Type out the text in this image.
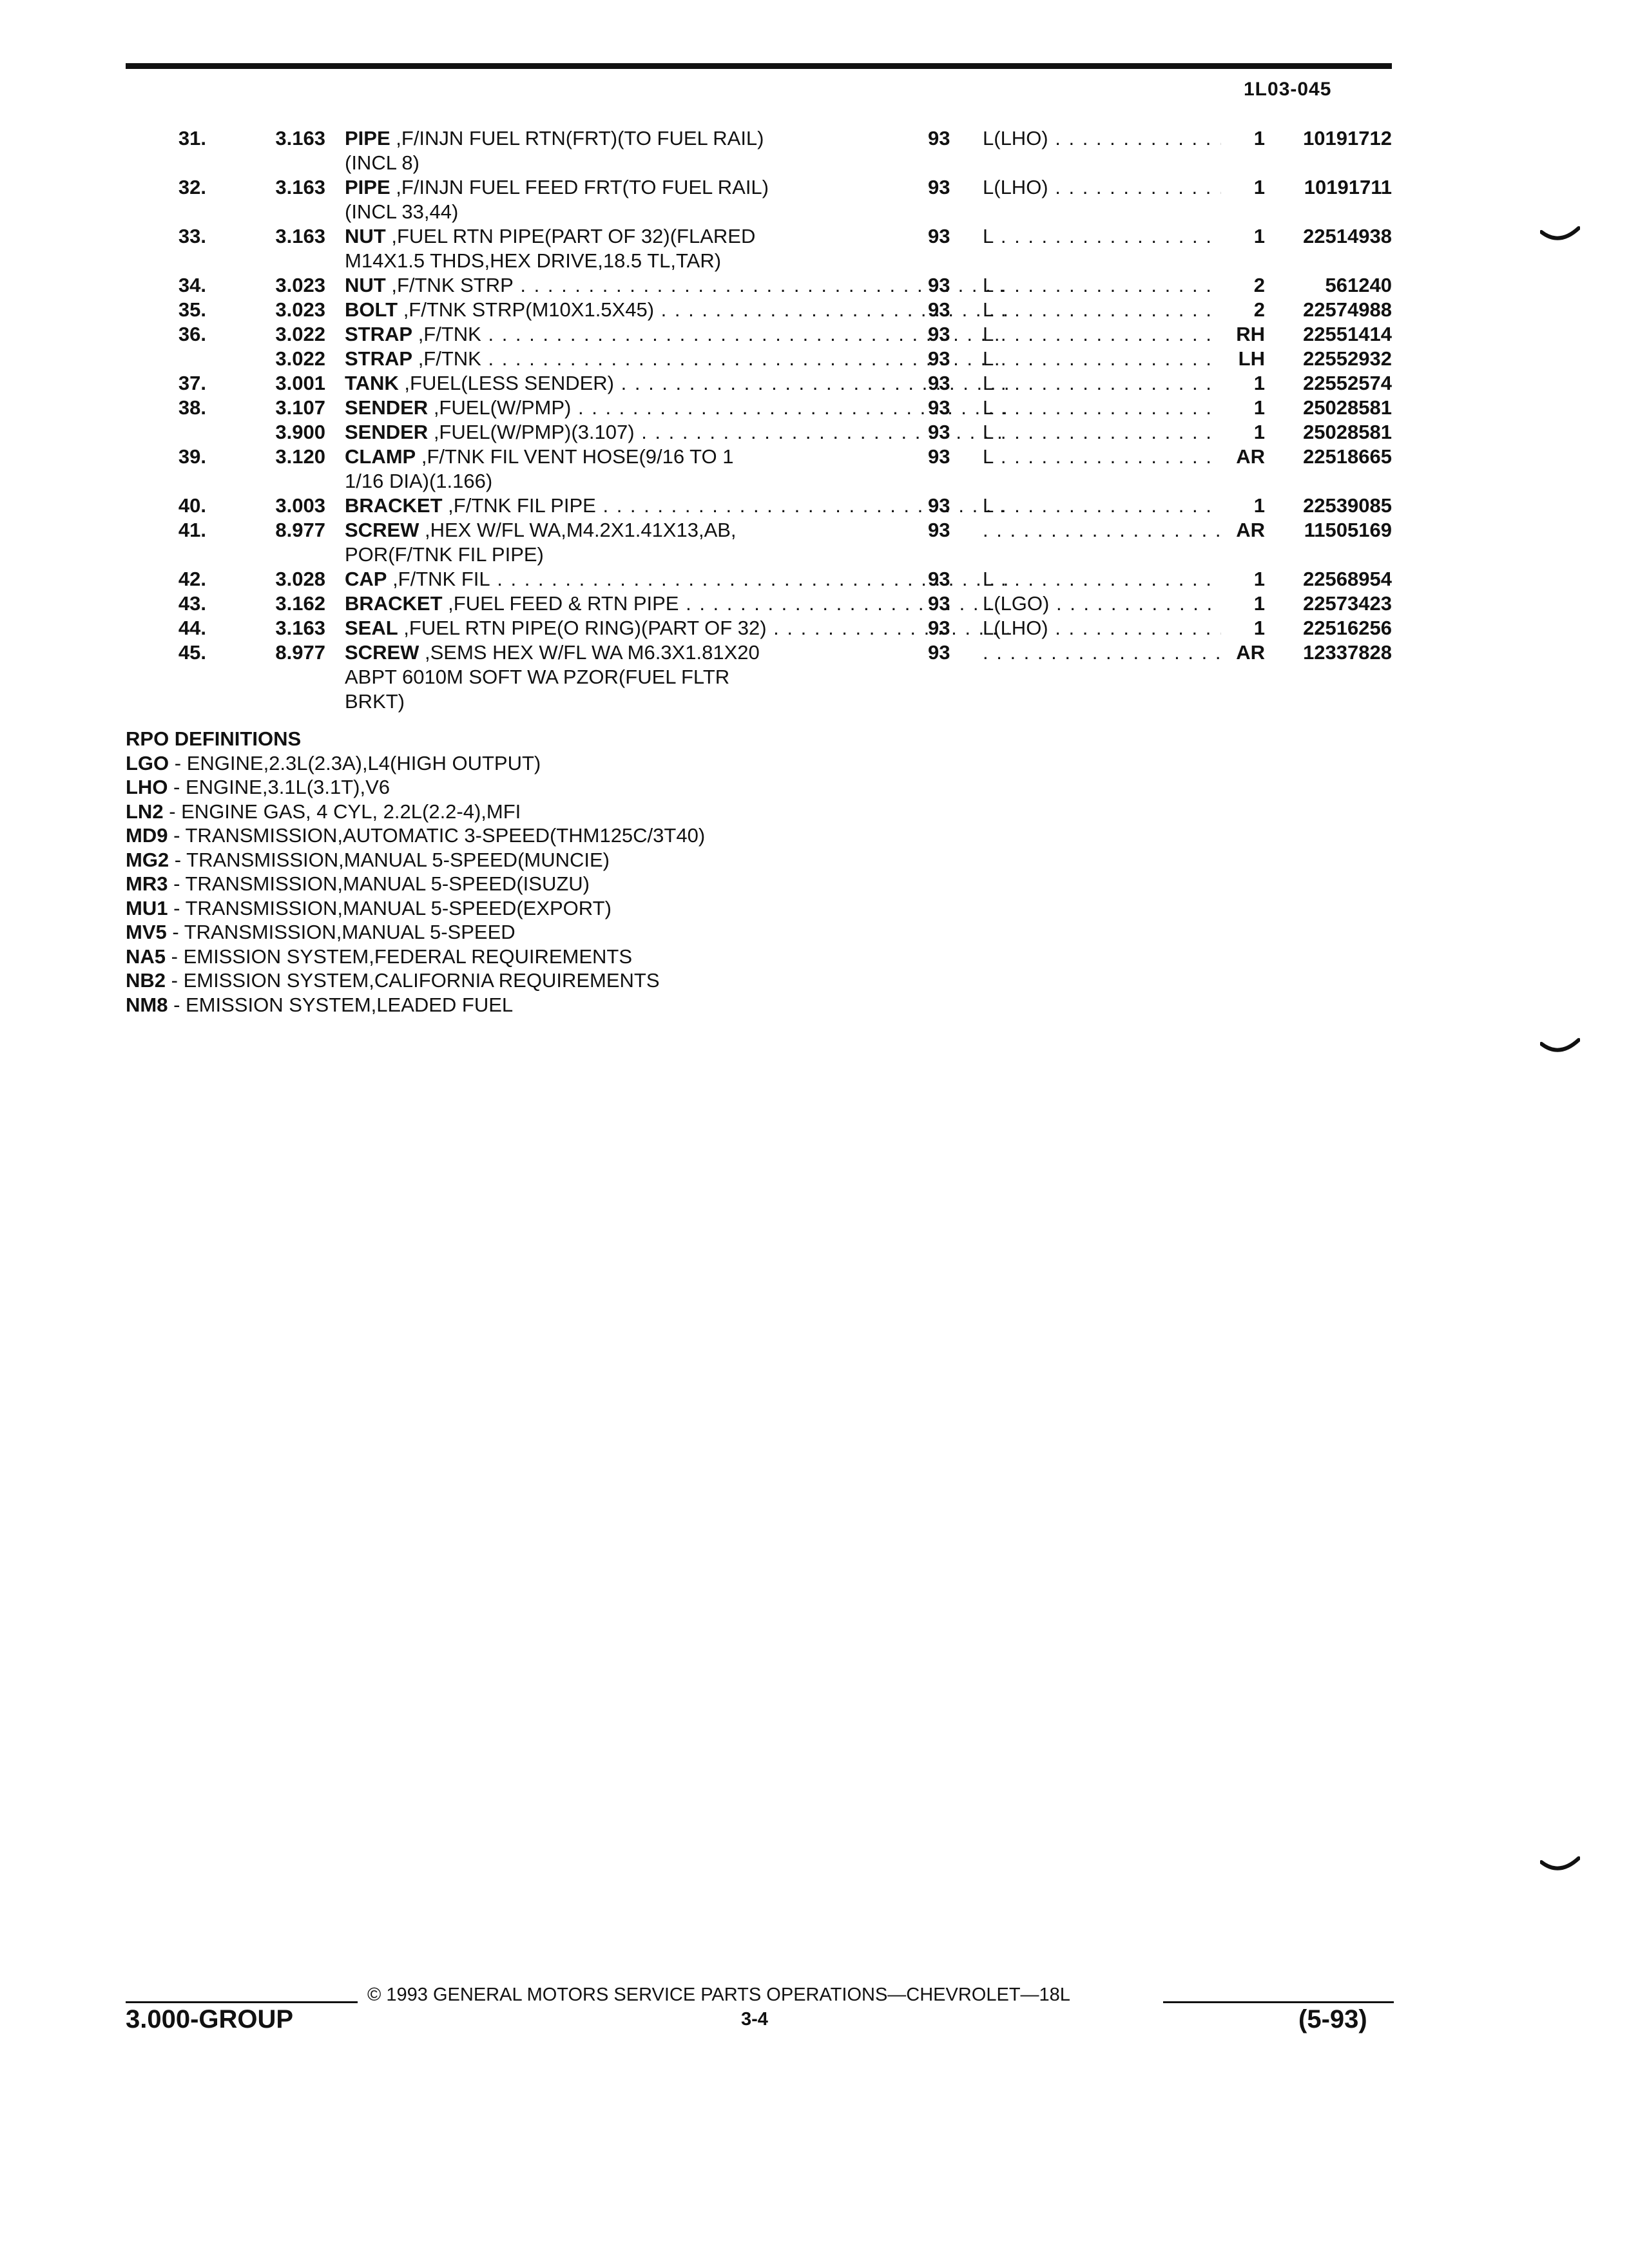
1L03-045
31.	3.163 PIPE ,F/INJN FUEL RTN(FRT)(TO FUEL RAIL)
(INCL 8)
93	L(LHO) . . .	1	10191712
32.	3.163 PIPE ,F/INJN FUEL FEED FRT(TO FUEL RAIL)
(INCL 33,44)
93	L(LHO) . . .	1	10191711
33.	3.163 NUT ,FUEL RTN PIPE(PART OF 32)(FLARED
M14X1.5 THDS,HEX DRIVE,18.5 TL,TAR)
93	L . . .	1	22514938
34.	3.023 NUT ,F/TNK STRP . . .	93	L . . .	2	561240
35.	3.023 BOLT ,F/TNK STRP(M10X1.5X45) . . .	93	L . . .	2	22574988
36.	3.022 STRAP ,F/TNK . . .	93	L . . .	RH	22551414
3.022 STRAP ,F/TNK . . .	93	L . . .	LH	22552932
37.	3.001 TANK ,FUEL(LESS SENDER) . . .	93	L . . .	1	22552574
38.	3.107 SENDER ,FUEL(W/PMP) . . .	93	L . . .	1	25028581
3.900 SENDER ,FUEL(W/PMP)(3.107) . . .	93	L . . .	1	25028581
39.	3.120 CLAMP ,F/TNK FIL VENT HOSE(9/16 TO 1
1/16 DIA)(1.166)
93	L . . .	AR	22518665
40.	3.003 BRACKET ,F/TNK FIL PIPE . . .	93	L . . .	1	22539085
41.	8.977 SCREW ,HEX W/FL WA,M4.2X1.41X13,AB,
POR(F/TNK FIL PIPE)
93 . . .	AR	11505169
42.	3.028 CAP ,F/TNK FIL . . .	93	L . . .	1	22568954
43.	3.162 BRACKET ,FUEL FEED & RTN PIPE . . .	93	L(LGO) . . .	1	22573423
44.	3.163 SEAL ,FUEL RTN PIPE(O RING)(PART OF 32) . . .	93	L(LHO) . . .	1	22516256
45.	8.977 SCREW ,SEMS HEX W/FL WA M6.3X1.81X20
ABPT 6010M SOFT WA PZOR(FUEL FLTR
BRKT)
93 . . .	AR	12337828
RPO DEFINITIONS
LGO - ENGINE,2.3L(2.3A),L4(HIGH OUTPUT)
LHO - ENGINE,3.1L(3.1T),V6
LN2 - ENGINE GAS, 4 CYL, 2.2L(2.2-4),MFI
MD9 - TRANSMISSION,AUTOMATIC 3-SPEED(THM125C/3T40)
MG2 - TRANSMISSION,MANUAL 5-SPEED(MUNCIE)
MR3 - TRANSMISSION,MANUAL 5-SPEED(ISUZU)
MU1 - TRANSMISSION,MANUAL 5-SPEED(EXPORT)
MV5 - TRANSMISSION,MANUAL 5-SPEED
NA5 - EMISSION SYSTEM,FEDERAL REQUIREMENTS
NB2 - EMISSION SYSTEM,CALIFORNIA REQUIREMENTS
NM8 - EMISSION SYSTEM,LEADED FUEL
© 1993 GENERAL MOTORS SERVICE PARTS OPERATIONS—CHEVROLET—18L
3.000-GROUP	3-4	(5-93)
